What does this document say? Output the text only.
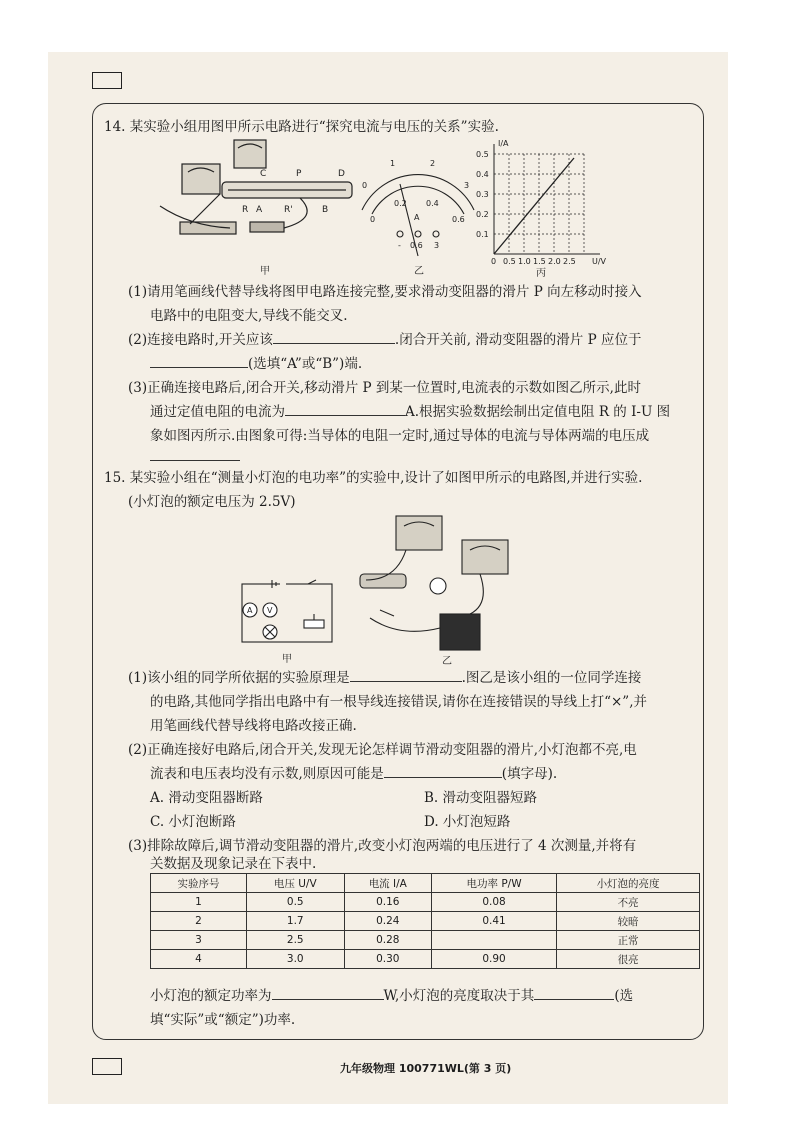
14. 某实验小组用图甲所示电路进行“探究电流与电压的关系”实验.
C	P	D
A R'	B
R
甲
0
1	2
3
0.2 0.4
0	0.6
A
- 0.6 3
乙
I/A
U/V
0.5
0.4
0.3
0.2
0.1
0 0.5 1.0 1.5 2.0 2.5
丙
(1)请用笔画线代替导线将图甲电路连接完整,要求滑动变阻器的滑片 P 向左移动时接入
电路中的电阻变大,导线不能交叉.
(2)连接电路时,开关应该	.闭合开关前, 滑动变阻器的滑片 P 应位于
(选填“A”或“B”)端.
(3)正确连接电路后,闭合开关,移动滑片 P 到某一位置时,电流表的示数如图乙所示,此时
通过定值电阻的电流为	A.根据实验数据绘制出定值电阻 R 的 I-U 图
象如图丙所示.由图象可得:当导体的电阻一定时,通过导体的电流与导体两端的电压成
15. 某实验小组在“测量小灯泡的电功率”的实验中,设计了如图甲所示的电路图,并进行实验.
(小灯泡的额定电压为 2.5V)
A V
甲	乙
(1)该小组的同学所依据的实验原理是	.图乙是该小组的一位同学连接
的电路,其他同学指出电路中有一根导线连接错误,请你在连接错误的导线上打“×”,并
用笔画线代替导线将电路改接正确.
(2)正确连接好电路后,闭合开关,发现无论怎样调节滑动变阻器的滑片,小灯泡都不亮,电
流表和电压表均没有示数,则原因可能是	(填字母).
A. 滑动变阻器断路	B. 滑动变阻器短路
C. 小灯泡断路	D. 小灯泡短路
(3)排除故障后,调节滑动变阻器的滑片,改变小灯泡两端的电压进行了 4 次测量,并将有
关数据及现象记录在下表中.
实验序号	电压 U/V	电流 I/A	电功率 P/W	小灯泡的亮度
1	0.5	0.16	0.08	不亮
2	1.7	0.24	0.41	较暗
3	2.5	0.28		正常
4	3.0	0.30	0.90	很亮
小灯泡的额定功率为	W,小灯泡的亮度取决于其	(选
填“实际”或“额定”)功率.
九年级物理 100771WL(第 3 页)
